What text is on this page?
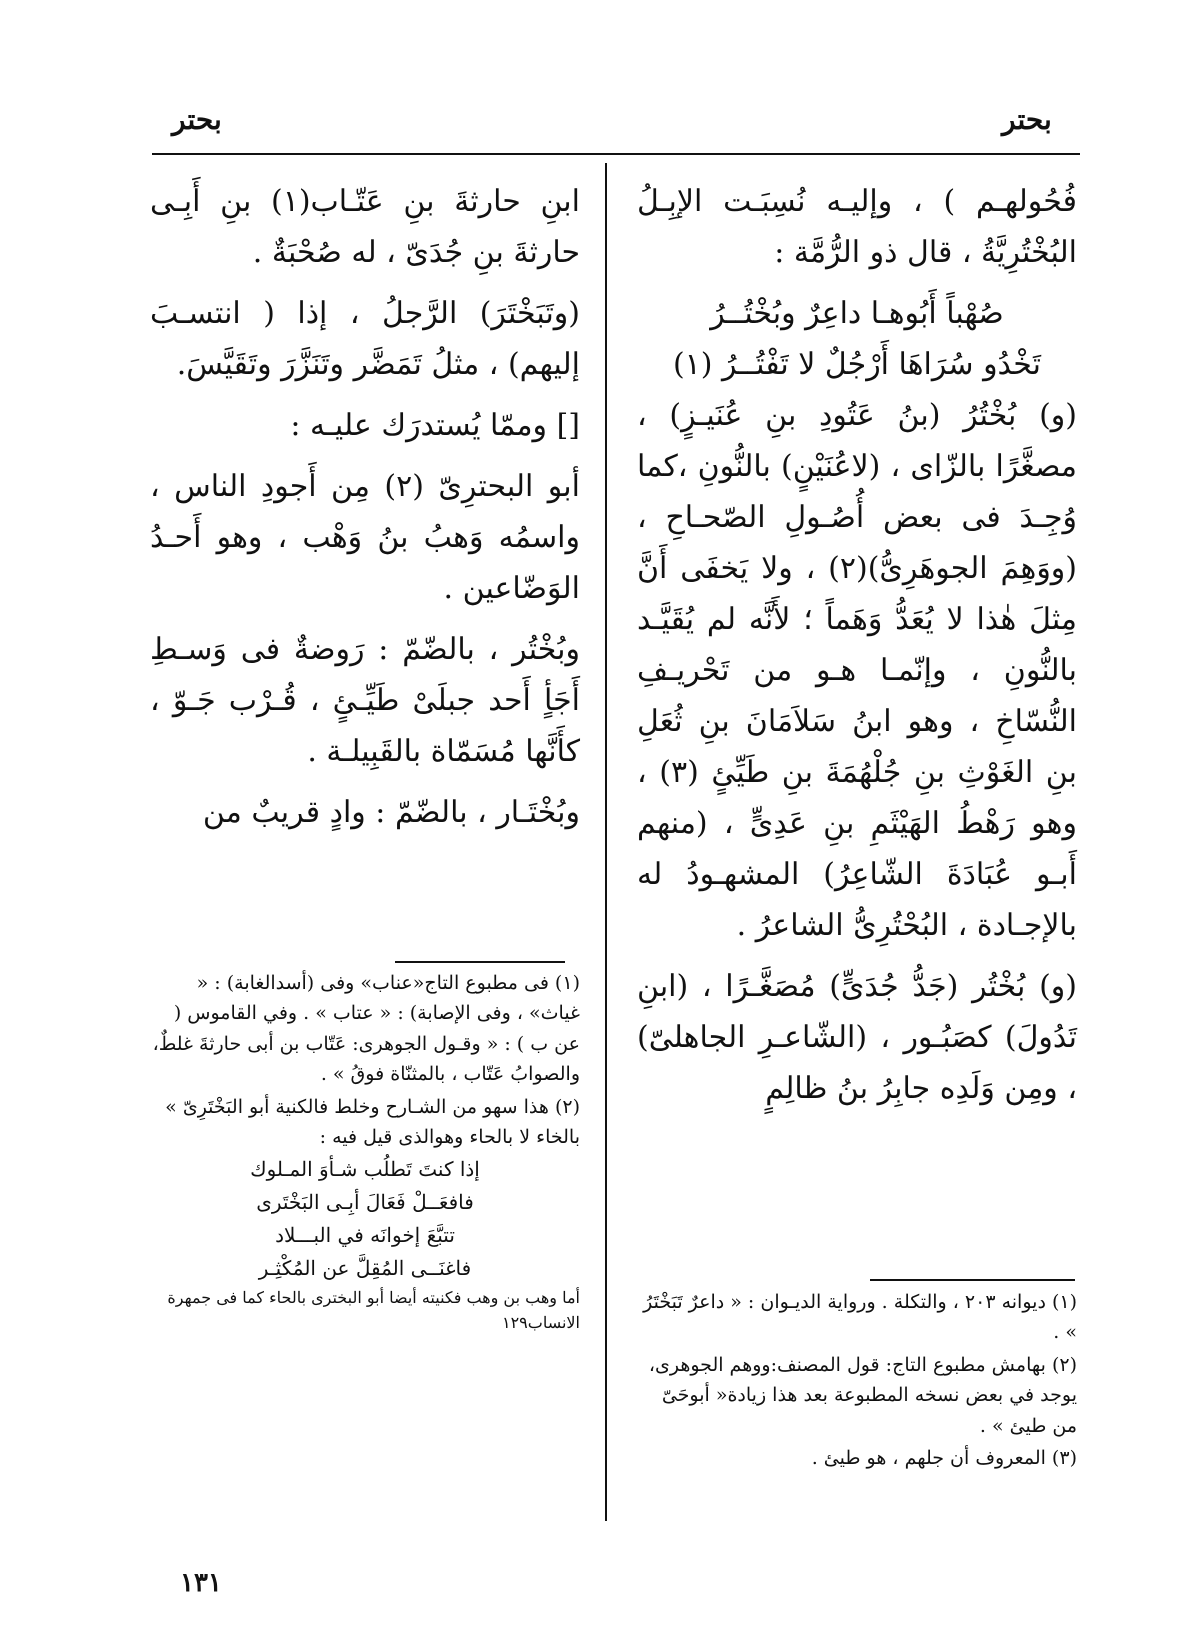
بحتر	بحتر

فُحُولهـم ) ، وإليـه نُسِبَـت الإبِـلُ البُخْتُرِيَّةُ ، قال ذو الرُّمَّة :

صُهْباً أَبُوهـا داعِرٌ وبُخْتُــرُ

تَخْدُو سُرَاهَا أَرْجُلٌ لا تَفْتُــرُ (١)

(و) بُخْتُرُ (بنُ عَتُودِ بنِ عُنَيـزٍ) ، مصغَّرًا بالزّاى ، (لاعُنَيْنٍ) بالنُّونِ ،كما وُجِـدَ فى بعض أُصُـولِ الصّحـاحِ ، (ووَهِمَ الجوهَرِىُّ)(٢) ، ولا يَخفَى أَنَّ مِثلَ هٰذا لا يُعَدُّ وَهَماً ؛ لأَنَّه لم يُقَيَّـد بالنُّونِ ، وإنّمـا هـو من تَحْريـفِ النُّسّاخِ ، وهو ابنُ سَلاَمَانَ بنِ ثُعَلِ بنِ الغَوْثِ بنِ جُلْهُمَةَ بنِ طَيِّئٍ (٣) ، وهو رَهْطُ الهَيْثَمِ بنِ عَدِىٍّ ، (منهم أَبـو عُبَادَةَ الشّاعِرُ) المشهـودُ له بالإجـادة ، البُحْتُرِىُّ الشاعرُ .

(و) بُخْتُر (جَدُّ جُدَىٍّ) مُصَغَّـرًا ، (ابنِ تَدُولَ) كصَبُـور ، (الشّاعـرِ الجاهلىّ) ، ومِن وَلَدِه جابِرُ بنُ ظالِمٍ

ابنِ حارثةَ بنِ عَتّـاب(١) بنِ أَبِـى حارثةَ بنِ جُدَىّ ، له صُحْبَةٌ .

(وتَبَخْتَرَ) الرَّجلُ ، إذا ( انتسـبَ إليهم) ، مثلُ تَمَضَّر وتَنَزَّرَ وتَقَيَّسَ.

[] وممّا يُستدرَك عليـه :

أبو البحترِىّ (٢) مِن أَجودِ الناس ، واسمُه وَهبُ بنُ وَهْب ، وهو أَحـدُ الوَضّاعين .

وبُخْتُر ، بالضّمّ : رَوضةٌ فى وَسـطِ أَجَأٍ أَحد جبلَىْ طَيِّـئٍ ، قُـرْب جَـوّ ، كأَنَّها مُسَمّاة بالقَبِيلـة .

وبُخْتَـار ، بالضّمّ : وادٍ قريبٌ من

(١) فى مطبوع التاج«عناب» وفى (أسدالغابة) : « غياث» ، وفى الإصابة) : « عتاب » . وفي القاموس ( عن ب ) : « وقـول الجوهرى: عَتّاب بن أبى حارثةَ غلطٌ، والصوابُ عَتّاب ، بالمثنّاة فوقُ » .

(٢) هذا سهو من الشـارح وخلط فالكنية أبو البَخْتَرِىّ » بالخاء لا بالحاء وهوالذى قيل فيه :

إذا كنتَ تَطلُب شـأوَ المـلوك

فافعَــلْ فَعَالَ أبِـى البَخْتَرى

تتبَّعَ إخوانَه في البـــلاد

فاغنَــى المُقِلَّ عن المُكْثِـر

أما وهب بن وهب فكنيته أيضا أبو البخترى بالحاء كما فى جمهرة الانساب١٢٩

(١) ديوانه ٢٠٣ ، والتكلة . ورواية الديـوان : « داعرٌ تَبَخْتَرُ » .

(٢) بهامش مطبوع التاج: قول المصنف:ووهم الجوهرى، يوجد في بعض نسخه المطبوعة بعد هذا زيادة« أبوحَىّ من طيئ » .

(٣) المعروف أن جلهم ، هو طيئ .

١٣١
